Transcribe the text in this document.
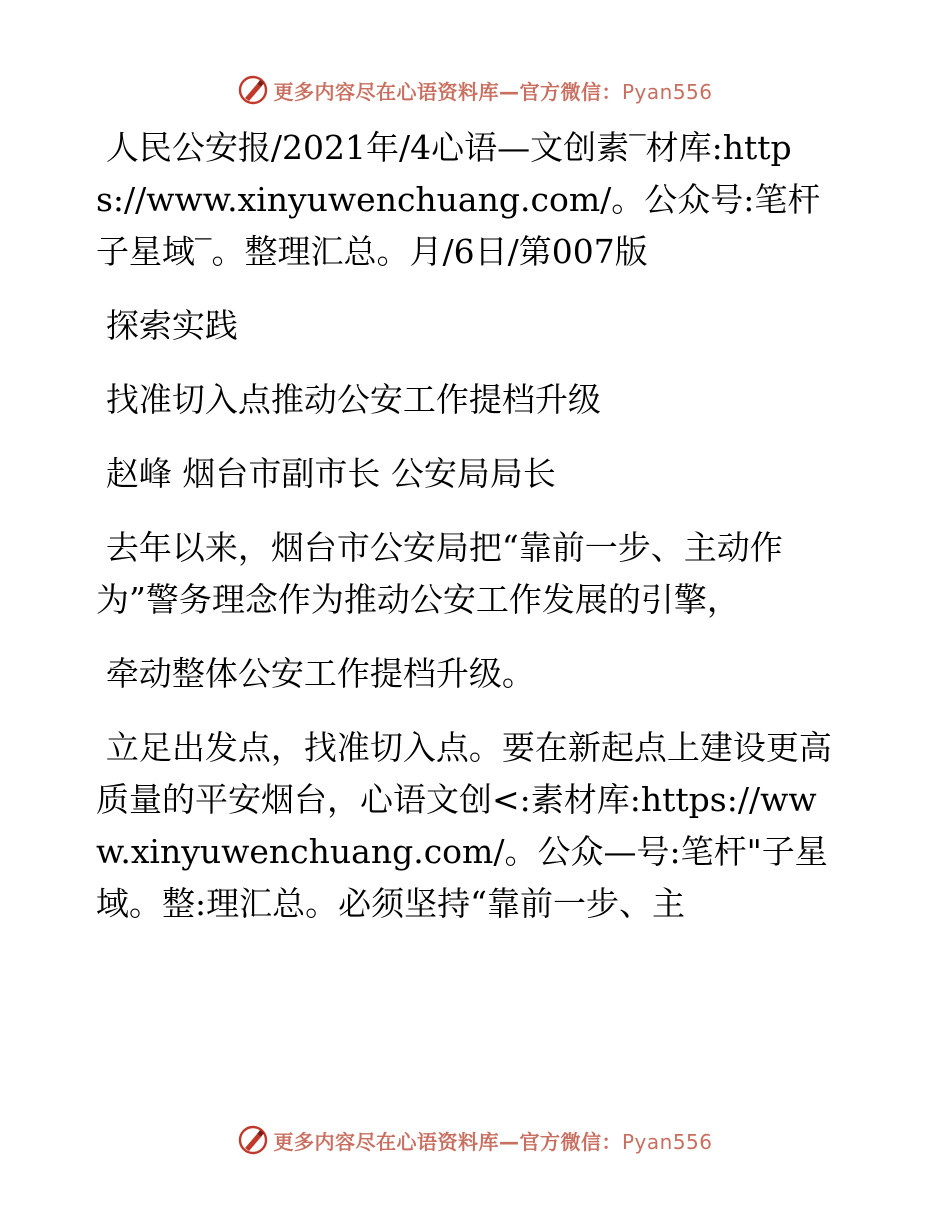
更多内容尽在心语资料库—官方微信：Pyan556

人民公安报/2021年/4心语—文创素‾材库:https://www.xinyuwenchuang.com/。公众号:笔杆子星域‾。整理汇总。月/6日/第007版

探索实践

找准切入点推动公安工作提档升级

赵峰 烟台市副市长 公安局局长

去年以来，烟台市公安局把“靠前一步、主动作为”警务理念作为推动公安工作发展的引擎，

牵动整体公安工作提档升级。

立足出发点，找准切入点。要在新起点上建设更高质量的平安烟台，心语文创<:素材库:https://www.xinyuwenchuang.com/。公众—号:笔杆"子星域。整:理汇总。必须坚持“靠前一步、主

更多内容尽在心语资料库—官方微信：Pyan556
